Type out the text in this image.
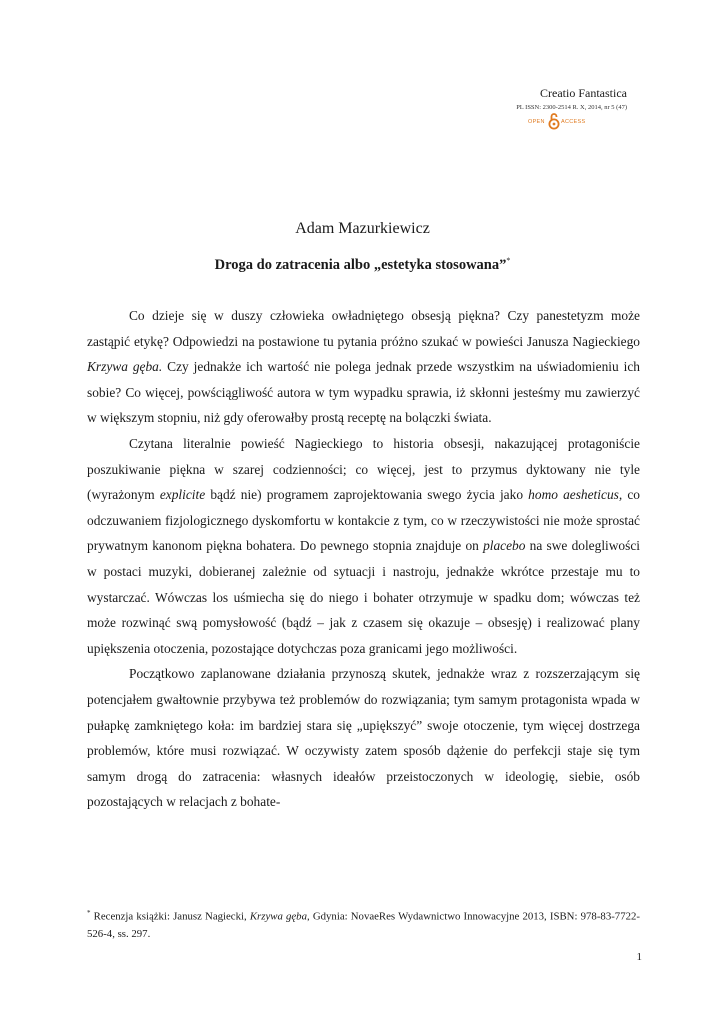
Creatio Fantastica
PL ISSN: 2300-2514 R. X, 2014, nr 5 (47)
OPEN	ACCESS
Adam Mazurkiewicz
Droga do zatracenia albo „estetyka stosowana”*

Co dzieje się w duszy człowieka owładniętego obsesją piękna? Czy panestetyzm może zastąpić etykę? Odpowiedzi na postawione tu pytania próżno szukać w powieści Janusza Nagieckiego Krzywa gęba. Czy jednakże ich wartość nie polega jednak przede wszystkim na uświadomieniu ich sobie? Co więcej, powściągliwość autora w tym wypadku sprawia, iż skłonni jesteśmy mu zawierzyć w większym stopniu, niż gdy oferowałby prostą receptę na bolączki świata.

Czytana literalnie powieść Nagieckiego to historia obsesji, nakazującej protagoniście poszukiwanie piękna w szarej codzienności; co więcej, jest to przymus dyktowany nie tyle (wyrażonym explicite bądź nie) programem zaprojektowania swego życia jako homo aesheticus, co odczuwaniem fizjologicznego dyskomfortu w kontakcie z tym, co w rzeczywistości nie może sprostać prywatnym kanonom piękna bohatera. Do pewnego stopnia znajduje on placebo na swe dolegliwości w postaci muzyki, dobieranej zależnie od sytuacji i nastroju, jednakże wkrótce przestaje mu to wystarczać. Wówczas los uśmiecha się do niego i bohater otrzymuje w spadku dom; wówczas też może rozwinąć swą pomysłowość (bądź – jak z czasem się okazuje – obsesję) i realizować plany upiększenia otoczenia, pozostające dotychczas poza granicami jego możliwości.

Początkowo zaplanowane działania przynoszą skutek, jednakże wraz z rozszerzającym się potencjałem gwałtownie przybywa też problemów do rozwiązania; tym samym protagonista wpada w pułapkę zamkniętego koła: im bardziej stara się „upiększyć” swoje otoczenie, tym więcej dostrzega problemów, które musi rozwiązać. W oczywisty zatem sposób dążenie do perfekcji staje się tym samym drogą do zatracenia: własnych ideałów przeistoczonych w ideologię, siebie, osób pozostających w relacjach z bohate-

* Recenzja książki: Janusz Nagiecki, Krzywa gęba, Gdynia: NovaeRes Wydawnictwo Innowacyjne 2013, ISBN: 978-83-7722-526-4, ss. 297.
1
